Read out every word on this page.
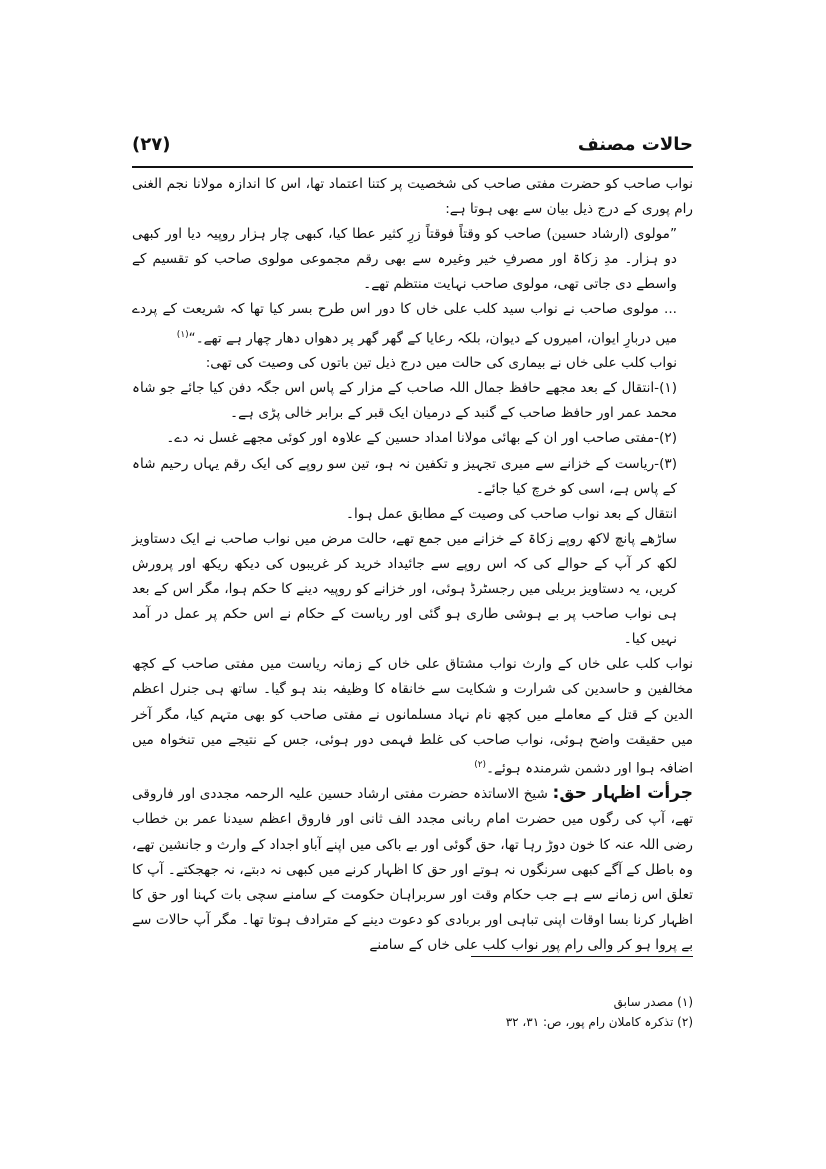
حالات مصنف
(۲۷)

نواب صاحب کو حضرت مفتی صاحب کی شخصیت پر کتنا اعتماد تھا، اس کا اندازہ مولانا نجم الغنی رام پوری کے درج ذیل بیان سے بھی ہوتا ہے:

”مولوی (ارشاد حسین) صاحب کو وقتاً فوقتاً زرِ کثیر عطا کیا، کبھی چار ہزار روپیہ دیا اور کبھی دو ہزار۔ مدِ زکاۃ اور مصرفِ خیر وغیرہ سے بھی رقم مجموعی مولوی صاحب کو تقسیم کے واسطے دی جاتی تھی، مولوی صاحب نہایت منتظم تھے۔

... مولوی صاحب نے نواب سید کلب علی خاں کا دور اس طرح بسر کیا تھا کہ شریعت کے پردے میں دربارِ ایوان، امیروں کے دیوان، بلکہ رعایا کے گھر گھر پر دھواں دھار چھار ہے تھے۔“$^{(۱)}$

نواب کلب علی خاں نے بیماری کی حالت میں درج ذیل تین باتوں کی وصیت کی تھی:

(۱)-انتقال کے بعد مجھے حافظ جمال اللہ صاحب کے مزار کے پاس اس جگہ دفن کیا جائے جو شاہ محمد عمر اور حافظ صاحب کے گنبد کے درمیان ایک قبر کے برابر خالی پڑی ہے۔

(۲)-مفتی صاحب اور ان کے بھائی مولانا امداد حسین کے علاوہ اور کوئی مجھے غسل نہ دے۔

(۳)-ریاست کے خزانے سے میری تجہیز و تکفین نہ ہو، تین سو روپے کی ایک رقم یہاں رحیم شاہ کے پاس ہے، اسی کو خرچ کیا جائے۔

انتقال کے بعد نواب صاحب کی وصیت کے مطابق عمل ہوا۔

ساڑھے پانچ لاکھ روپے زکاۃ کے خزانے میں جمع تھے، حالت مرض میں نواب صاحب نے ایک دستاویز لکھ کر آپ کے حوالے کی کہ اس روپے سے جائیداد خرید کر غریبوں کی دیکھ ریکھ اور پرورش کریں، یہ دستاویز بریلی میں رجسٹرڈ ہوئی، اور خزانے کو روپیہ دینے کا حکم ہوا، مگر اس کے بعد ہی نواب صاحب پر بے ہوشی طاری ہو گئی اور ریاست کے حکام نے اس حکم پر عمل در آمد نہیں کیا۔

نواب کلب علی خاں کے وارث نواب مشتاق علی خاں کے زمانہ ریاست میں مفتی صاحب کے کچھ مخالفین و حاسدین کی شرارت و شکایت سے خانقاہ کا وظیفہ بند ہو گیا۔ ساتھ ہی جنرل اعظم الدین کے قتل کے معاملے میں کچھ نام نہاد مسلمانوں نے مفتی صاحب کو بھی متہم کیا، مگر آخر میں حقیقت واضح ہوئی، نواب صاحب کی غلط فہمی دور ہوئی، جس کے نتیجے میں تنخواہ میں اضافہ ہوا اور دشمن شرمندہ ہوئے۔$^{(۲)}$

جرأت اظہار حق: شیخ الاساتذہ حضرت مفتی ارشاد حسین علیہ الرحمہ مجددی اور فاروقی تھے، آپ کی رگوں میں حضرت امام ربانی مجدد الف ثانی اور فاروق اعظم سیدنا عمر بن خطاب رضی اللہ عنہ کا خون دوڑ رہا تھا، حق گوئی اور بے باکی میں اپنے آباو اجداد کے وارث و جانشین تھے، وہ باطل کے آگے کبھی سرنگوں نہ ہوتے اور حق کا اظہار کرنے میں کبھی نہ دبتے، نہ جھجکتے۔ آپ کا تعلق اس زمانے سے ہے جب حکام وقت اور سربراہان حکومت کے سامنے سچی بات کہنا اور حق کا اظہار کرنا بسا اوقات اپنی تباہی اور بربادی کو دعوت دینے کے مترادف ہوتا تھا۔ مگر آپ حالات سے بے پروا ہو کر والی رام پور نواب کلب علی خاں کے سامنے

(۱) مصدر سابق

(۲) تذکرہ کاملان رام پور، ص: ۳۱، ۳۲
